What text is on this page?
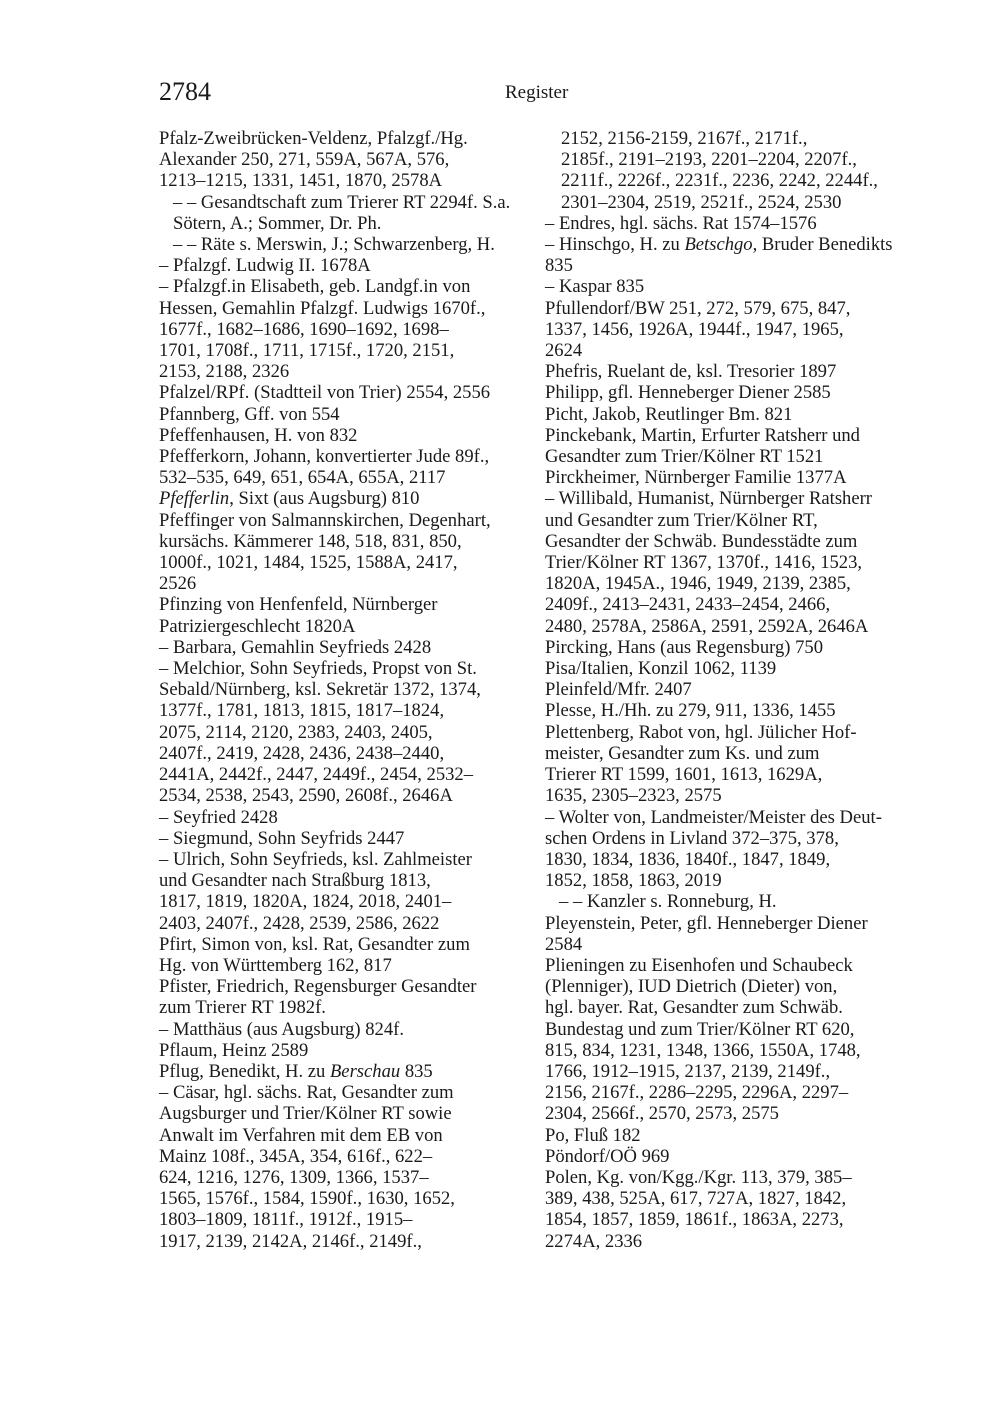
2784	Register
Pfalz-Zweibrücken-Veldenz, Pfalzgf./Hg.
Alexander 250, 271, 559A, 567A, 576,
1213–1215, 1331, 1451, 1870, 2578A
– – Gesandtschaft zum Trierer RT 2294f. S.a.
Sötern, A.; Sommer, Dr. Ph.
– – Räte s. Merswin, J.; Schwarzenberg, H.
– Pfalzgf. Ludwig II. 1678A
– Pfalzgf.in Elisabeth, geb. Landgf.in von
Hessen, Gemahlin Pfalzgf. Ludwigs 1670f.,
1677f., 1682–1686, 1690–1692, 1698–
1701, 1708f., 1711, 1715f., 1720, 2151,
2153, 2188, 2326
Pfalzel/RPf. (Stadtteil von Trier) 2554, 2556
Pfannberg, Gff. von 554
Pfeffenhausen, H. von 832
Pfefferkorn, Johann, konvertierter Jude 89f.,
532–535, 649, 651, 654A, 655A, 2117
Pfefferlin, Sixt (aus Augsburg) 810
Pfeffinger von Salmannskirchen, Degenhart,
kursächs. Kämmerer 148, 518, 831, 850,
1000f., 1021, 1484, 1525, 1588A, 2417,
2526
Pfinzing von Henfenfeld, Nürnberger
Patriziergeschlecht 1820A
– Barbara, Gemahlin Seyfrieds 2428
– Melchior, Sohn Seyfrieds, Propst von St.
Sebald/Nürnberg, ksl. Sekretär 1372, 1374,
1377f., 1781, 1813, 1815, 1817–1824,
2075, 2114, 2120, 2383, 2403, 2405,
2407f., 2419, 2428, 2436, 2438–2440,
2441A, 2442f., 2447, 2449f., 2454, 2532–
2534, 2538, 2543, 2590, 2608f., 2646A
– Seyfried 2428
– Siegmund, Sohn Seyfrids 2447
– Ulrich, Sohn Seyfrieds, ksl. Zahlmeister
und Gesandter nach Straßburg 1813,
1817, 1819, 1820A, 1824, 2018, 2401–
2403, 2407f., 2428, 2539, 2586, 2622
Pfirt, Simon von, ksl. Rat, Gesandter zum
Hg. von Württemberg 162, 817
Pfister, Friedrich, Regensburger Gesandter
zum Trierer RT 1982f.
– Matthäus (aus Augsburg) 824f.
Pflaum, Heinz 2589
Pflug, Benedikt, H. zu Berschau 835
– Cäsar, hgl. sächs. Rat, Gesandter zum
Augsburger und Trier/Kölner RT sowie
Anwalt im Verfahren mit dem EB von
Mainz 108f., 345A, 354, 616f., 622–
624, 1216, 1276, 1309, 1366, 1537–
1565, 1576f., 1584, 1590f., 1630, 1652,
1803–1809, 1811f., 1912f., 1915–
1917, 2139, 2142A, 2146f., 2149f.,
2152, 2156-2159, 2167f., 2171f.,
2185f., 2191–2193, 2201–2204, 2207f.,
2211f., 2226f., 2231f., 2236, 2242, 2244f.,
2301–2304, 2519, 2521f., 2524, 2530
– Endres, hgl. sächs. Rat 1574–1576
– Hinschgo, H. zu Betschgo, Bruder Benedikts
835
– Kaspar 835
Pfullendorf/BW 251, 272, 579, 675, 847,
1337, 1456, 1926A, 1944f., 1947, 1965,
2624
Phefris, Ruelant de, ksl. Tresorier 1897
Philipp, gfl. Henneberger Diener 2585
Picht, Jakob, Reutlinger Bm. 821
Pinckebank, Martin, Erfurter Ratsherr und
Gesandter zum Trier/Kölner RT 1521
Pirckheimer, Nürnberger Familie 1377A
– Willibald, Humanist, Nürnberger Ratsherr
und Gesandter zum Trier/Kölner RT,
Gesandter der Schwäb. Bundesstädte zum
Trier/Kölner RT 1367, 1370f., 1416, 1523,
1820A, 1945A., 1946, 1949, 2139, 2385,
2409f., 2413–2431, 2433–2454, 2466,
2480, 2578A, 2586A, 2591, 2592A, 2646A
Pircking, Hans (aus Regensburg) 750
Pisa/Italien, Konzil 1062, 1139
Pleinfeld/Mfr. 2407
Plesse, H./Hh. zu 279, 911, 1336, 1455
Plettenberg, Rabot von, hgl. Jülicher Hof-
meister, Gesandter zum Ks. und zum
Trierer RT 1599, 1601, 1613, 1629A,
1635, 2305–2323, 2575
– Wolter von, Landmeister/Meister des Deut-
schen Ordens in Livland 372–375, 378,
1830, 1834, 1836, 1840f., 1847, 1849,
1852, 1858, 1863, 2019
– – Kanzler s. Ronneburg, H.
Pleyenstein, Peter, gfl. Henneberger Diener
2584
Plieningen zu Eisenhofen und Schaubeck
(Plenniger), IUD Dietrich (Dieter) von,
hgl. bayer. Rat, Gesandter zum Schwäb.
Bundestag und zum Trier/Kölner RT 620,
815, 834, 1231, 1348, 1366, 1550A, 1748,
1766, 1912–1915, 2137, 2139, 2149f.,
2156, 2167f., 2286–2295, 2296A, 2297–
2304, 2566f., 2570, 2573, 2575
Po, Fluß 182
Pöndorf/OÖ 969
Polen, Kg. von/Kgg./Kgr. 113, 379, 385–
389, 438, 525A, 617, 727A, 1827, 1842,
1854, 1857, 1859, 1861f., 1863A, 2273,
2274A, 2336
